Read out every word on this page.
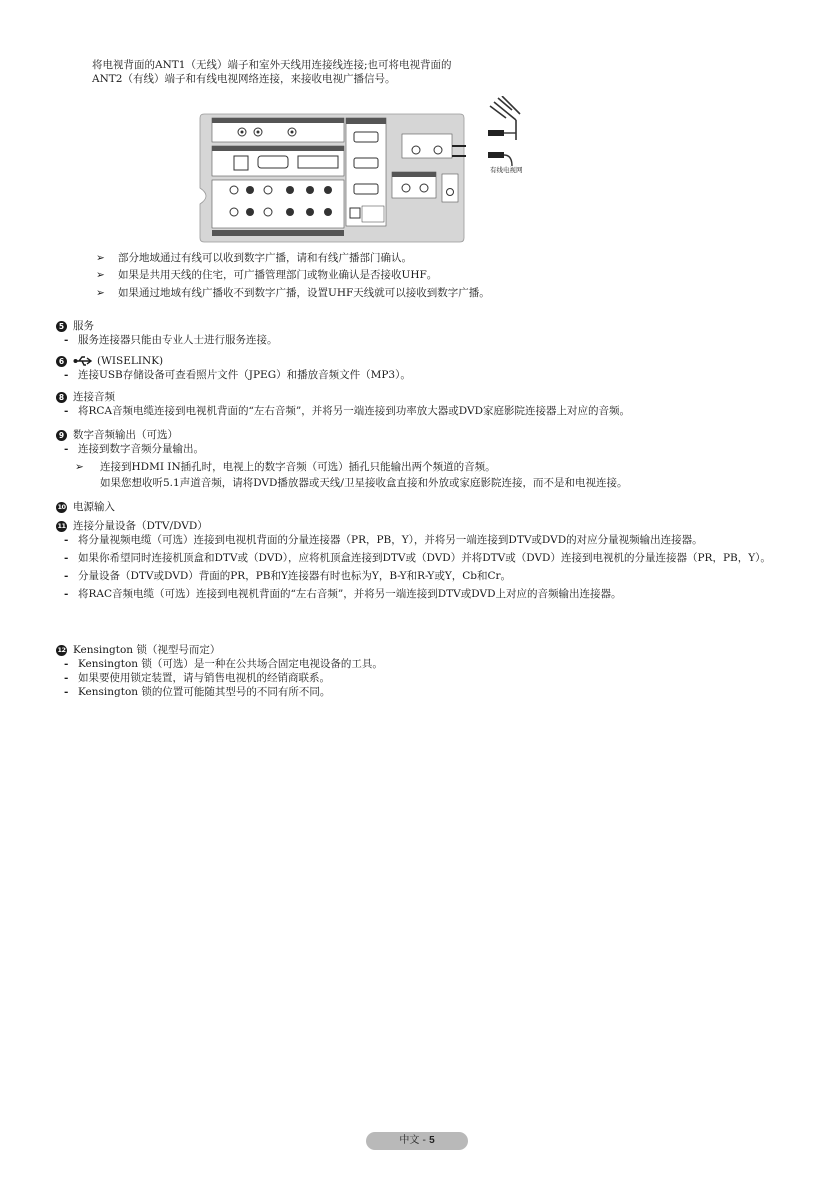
将电视背面的ANT1（无线）端子和室外天线用连接线连接;也可将电视背面的
ANT2（有线）端子和有线电视网络连接，来接收电视广播信号。
有线电视网
➢ 部分地域通过有线可以收到数字广播，请和有线广播部门确认。
➢ 如果是共用天线的住宅，可广播管理部门或物业确认是否接收UHF。
➢ 如果通过地域有线广播收不到数字广播，设置UHF天线就可以接收到数字广播。
5 服务
- 服务连接器只能由专业人士进行服务连接。
6	(WISELINK)
- 连接USB存储设备可查看照片文件（JPEG）和播放音频文件（MP3）。
8 连接音频
- 将RCA音频电缆连接到电视机背面的“左右音频”，并将另一端连接到功率放大器或DVD家庭影院连接器上对应的音频。
9 数字音频输出（可选）
- 连接到数字音频分量输出。
➢ 连接到HDMI IN插孔时，电视上的数字音频（可选）插孔只能输出两个频道的音频。
如果您想收听5.1声道音频，请将DVD播放器或天线/卫星接收盒直接和外放或家庭影院连接，而不是和电视连接。
10 电源输入
11 连接分量设备（DTV/DVD）
- 将分量视频电缆（可选）连接到电视机背面的分量连接器（PR，PB，Y），并将另一端连接到DTV或DVD的对应分量视频输出连接器。
- 如果你希望同时连接机顶盒和DTV或（DVD），应将机顶盒连接到DTV或（DVD）并将DTV或（DVD）连接到电视机的分量连接器（PR，PB，Y）。
- 分量设备（DTV或DVD）背面的PR，PB和Y连接器有时也标为Y，B-Y和R-Y或Y，Cb和Cr。
- 将RAC音频电缆（可选）连接到电视机背面的“左右音频”，并将另一端连接到DTV或DVD上对应的音频输出连接器。
12 Kensington 锁（视型号而定）
- Kensington 锁（可选）是一种在公共场合固定电视设备的工具。
- 如果要使用锁定装置，请与销售电视机的经销商联系。
- Kensington 锁的位置可能随其型号的不同有所不同。
中文 - 5
